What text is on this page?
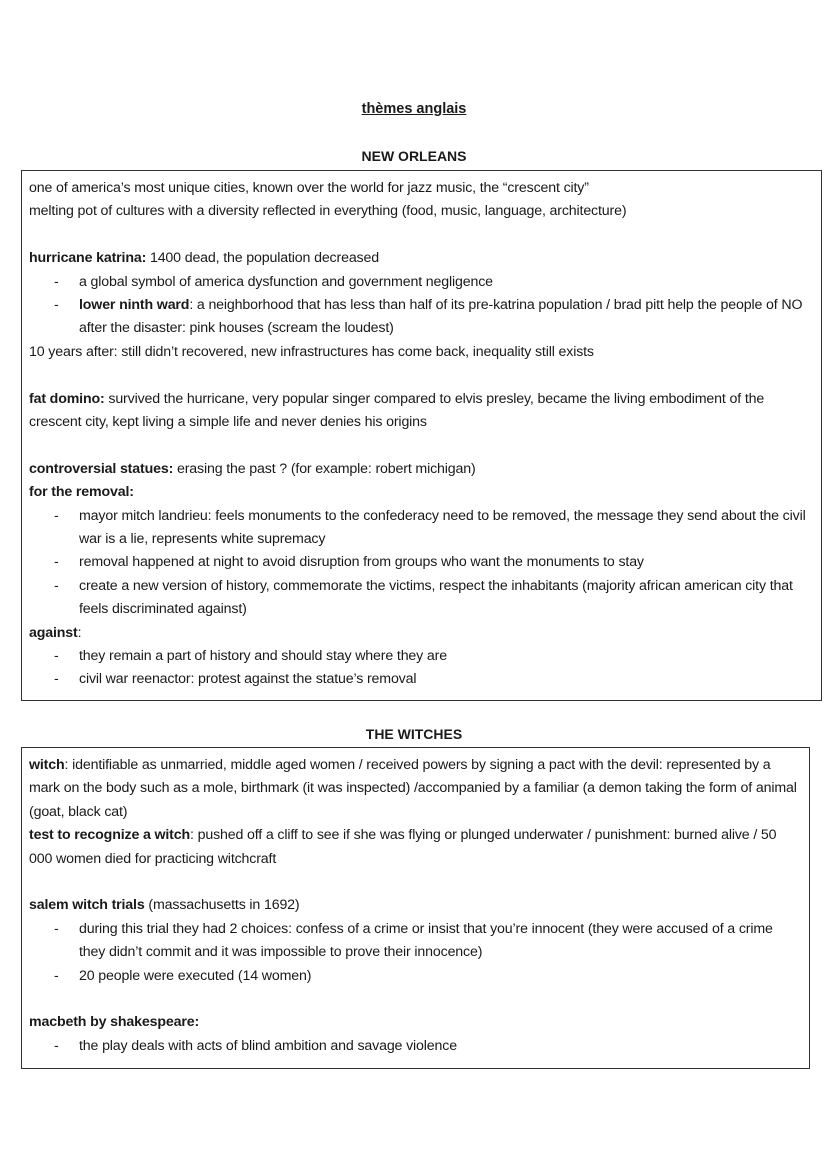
thèmes anglais
NEW ORLEANS

one of america’s most unique cities, known over the world for jazz music, the “crescent city”

melting pot of cultures with a diversity reflected in everything (food, music, language, architecture)

hurricane katrina: 1400 dead, the population decreased

- a global symbol of america dysfunction and government negligence
- lower ninth ward: a neighborhood that has less than half of its pre-katrina population / brad pitt help the people of NO after the disaster: pink houses (scream the loudest)

10 years after: still didn’t recovered, new infrastructures has come back, inequality still exists

fat domino: survived the hurricane, very popular singer compared to elvis presley, became the living embodiment of the crescent city, kept living a simple life and never denies his origins

controversial statues: erasing the past ? (for example: robert michigan)

for the removal:

- mayor mitch landrieu: feels monuments to the confederacy need to be removed, the message they send about the civil war is a lie, represents white supremacy
- removal happened at night to avoid disruption from groups who want the monuments to stay
- create a new version of history, commemorate the victims, respect the inhabitants (majority african american city that feels discriminated against)

against:

- they remain a part of history and should stay where they are
- civil war reenactor: protest against the statue’s removal
THE WITCHES

witch: identifiable as unmarried, middle aged women / received powers by signing a pact with the devil: represented by a mark on the body such as a mole, birthmark (it was inspected) /accompanied by a familiar (a demon taking the form of animal (goat, black cat)

test to recognize a witch: pushed off a cliff to see if she was flying or plunged underwater / punishment: burned alive / 50 000 women died for practicing witchcraft

salem witch trials (massachusetts in 1692)

- during this trial they had 2 choices: confess of a crime or insist that you’re innocent (they were accused of a crime they didn’t commit and it was impossible to prove their innocence)
- 20 people were executed (14 women)

macbeth by shakespeare:

- the play deals with acts of blind ambition and savage violence
